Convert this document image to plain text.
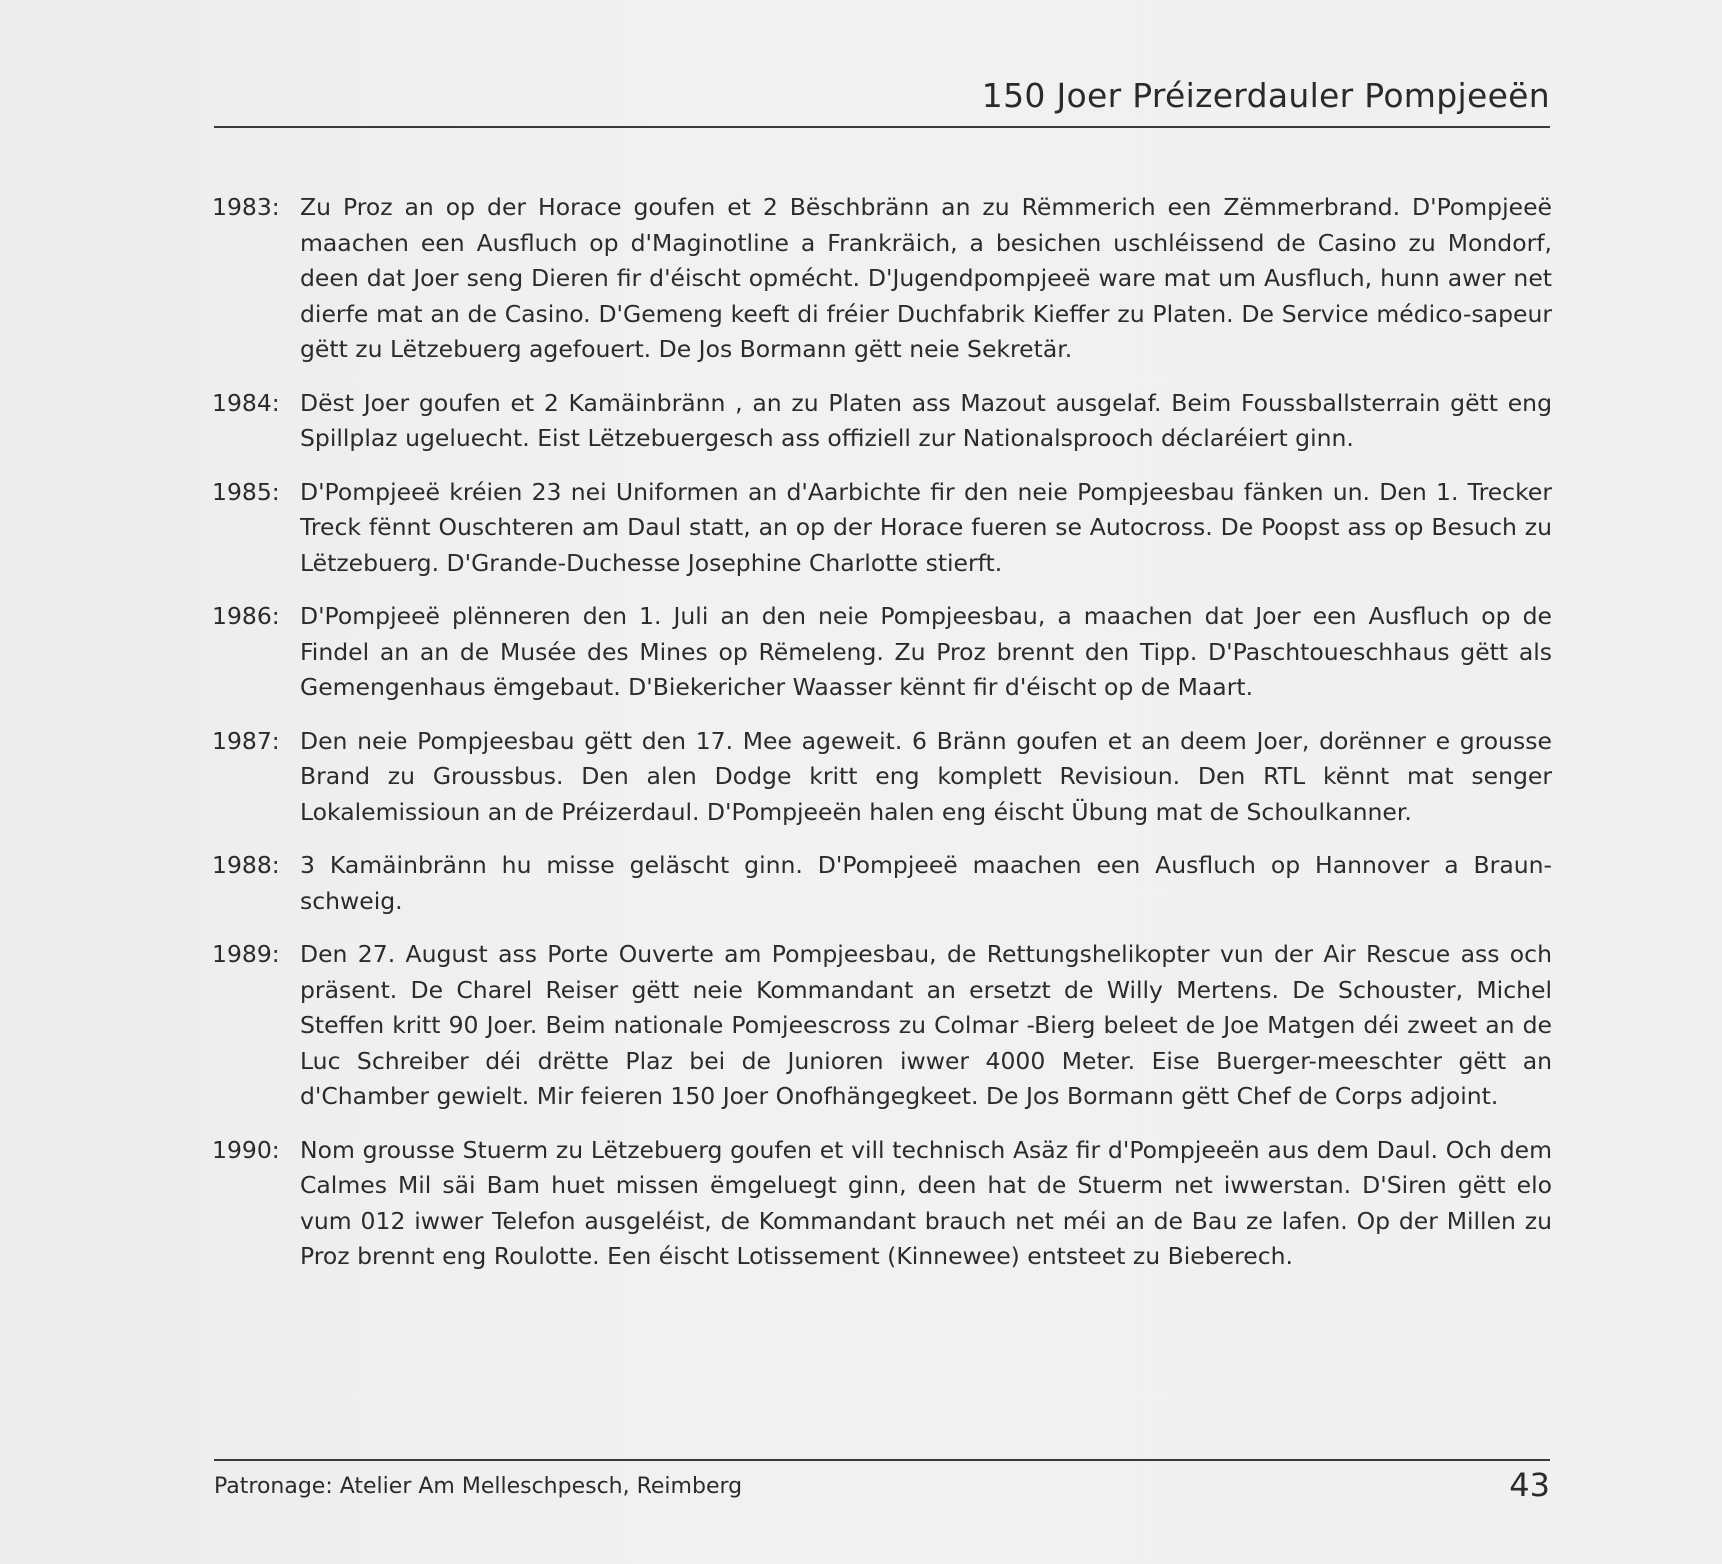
150 Joer Préizerdauler Pompjeeën
1983: Zu Proz an op der Horace goufen et 2 Bëschbränn an zu Rëmmerich een Zëmmerbrand. D'Pompjeeë maachen een Ausfluch op d'Maginotline a Frankräich, a besichen uschléissend de Casino zu Mondorf, deen dat Joer seng Dieren fir d'éischt opmécht. D'Jugendpompjeeë ware mat um Ausfluch, hunn awer net dierfe mat an de Casino. D'Gemeng keeft di fréier Duchfabrik Kieffer zu Platen. De Service médico-sapeur gëtt zu Lëtzebuerg agefouert. De Jos Bormann gëtt neie Sekretär.
1984: Dëst Joer goufen et 2 Kamäinbränn , an zu Platen ass Mazout ausgelaf. Beim Foussballsterrain gëtt eng Spillplaz ugeluecht. Eist Lëtzebuergesch ass offiziell zur Nationalsprooch déclaréiert ginn.
1985: D'Pompjeeë kréien 23 nei Uniformen an d'Aarbichte fir den neie Pompjeesbau fänken un. Den 1. Trecker Treck fënnt Ouschteren am Daul statt, an op der Horace fueren se Autocross. De Poopst ass op Besuch zu Lëtzebuerg. D'Grande-Duchesse Josephine Charlotte stierft.
1986: D'Pompjeeë plënneren den 1. Juli an den neie Pompjeesbau, a maachen dat Joer een Ausfluch op de Findel an an de Musée des Mines op Rëmeleng. Zu Proz brennt den Tipp. D'Paschtoueschhaus gëtt als Gemengenhaus ëmgebaut. D'Biekericher Waasser kënnt fir d'éischt op de Maart.
1987: Den neie Pompjeesbau gëtt den 17. Mee ageweit. 6 Bränn goufen et an deem Joer, dorënner e grousse Brand zu Groussbus. Den alen Dodge kritt eng komplett Revisioun. Den RTL kënnt mat senger Lokalemissioun an de Préizerdaul. D'Pompjeeën halen eng éischt Übung mat de Schoulkanner.
1988: 3 Kamäinbränn hu misse geläscht ginn. D'Pompjeeë maachen een Ausfluch op Hannover a Braun-schweig.
1989: Den 27. August ass Porte Ouverte am Pompjeesbau, de Rettungshelikopter vun der Air Rescue ass och präsent. De Charel Reiser gëtt neie Kommandant an ersetzt de Willy Mertens. De Schouster, Michel Steffen kritt 90 Joer. Beim nationale Pomjeescross zu Colmar -Bierg beleet de Joe Matgen déi zweet an de Luc Schreiber déi drëtte Plaz bei de Junioren iwwer 4000 Meter. Eise Buerger-meeschter gëtt an d'Chamber gewielt. Mir feieren 150 Joer Onofhängegkeet. De Jos Bormann gëtt Chef de Corps adjoint.
1990: Nom grousse Stuerm zu Lëtzebuerg goufen et vill technisch Asäz fir d'Pompjeeën aus dem Daul. Och dem Calmes Mil säi Bam huet missen ëmgeluegt ginn, deen hat de Stuerm net iwwerstan. D'Siren gëtt elo vum 012 iwwer Telefon ausgeléist, de Kommandant brauch net méi an de Bau ze lafen. Op der Millen zu Proz brennt eng Roulotte. Een éischt Lotissement (Kinnewee) entsteet zu Bieberech.
Patronage: Atelier Am Melleschpesch, Reimberg	43
